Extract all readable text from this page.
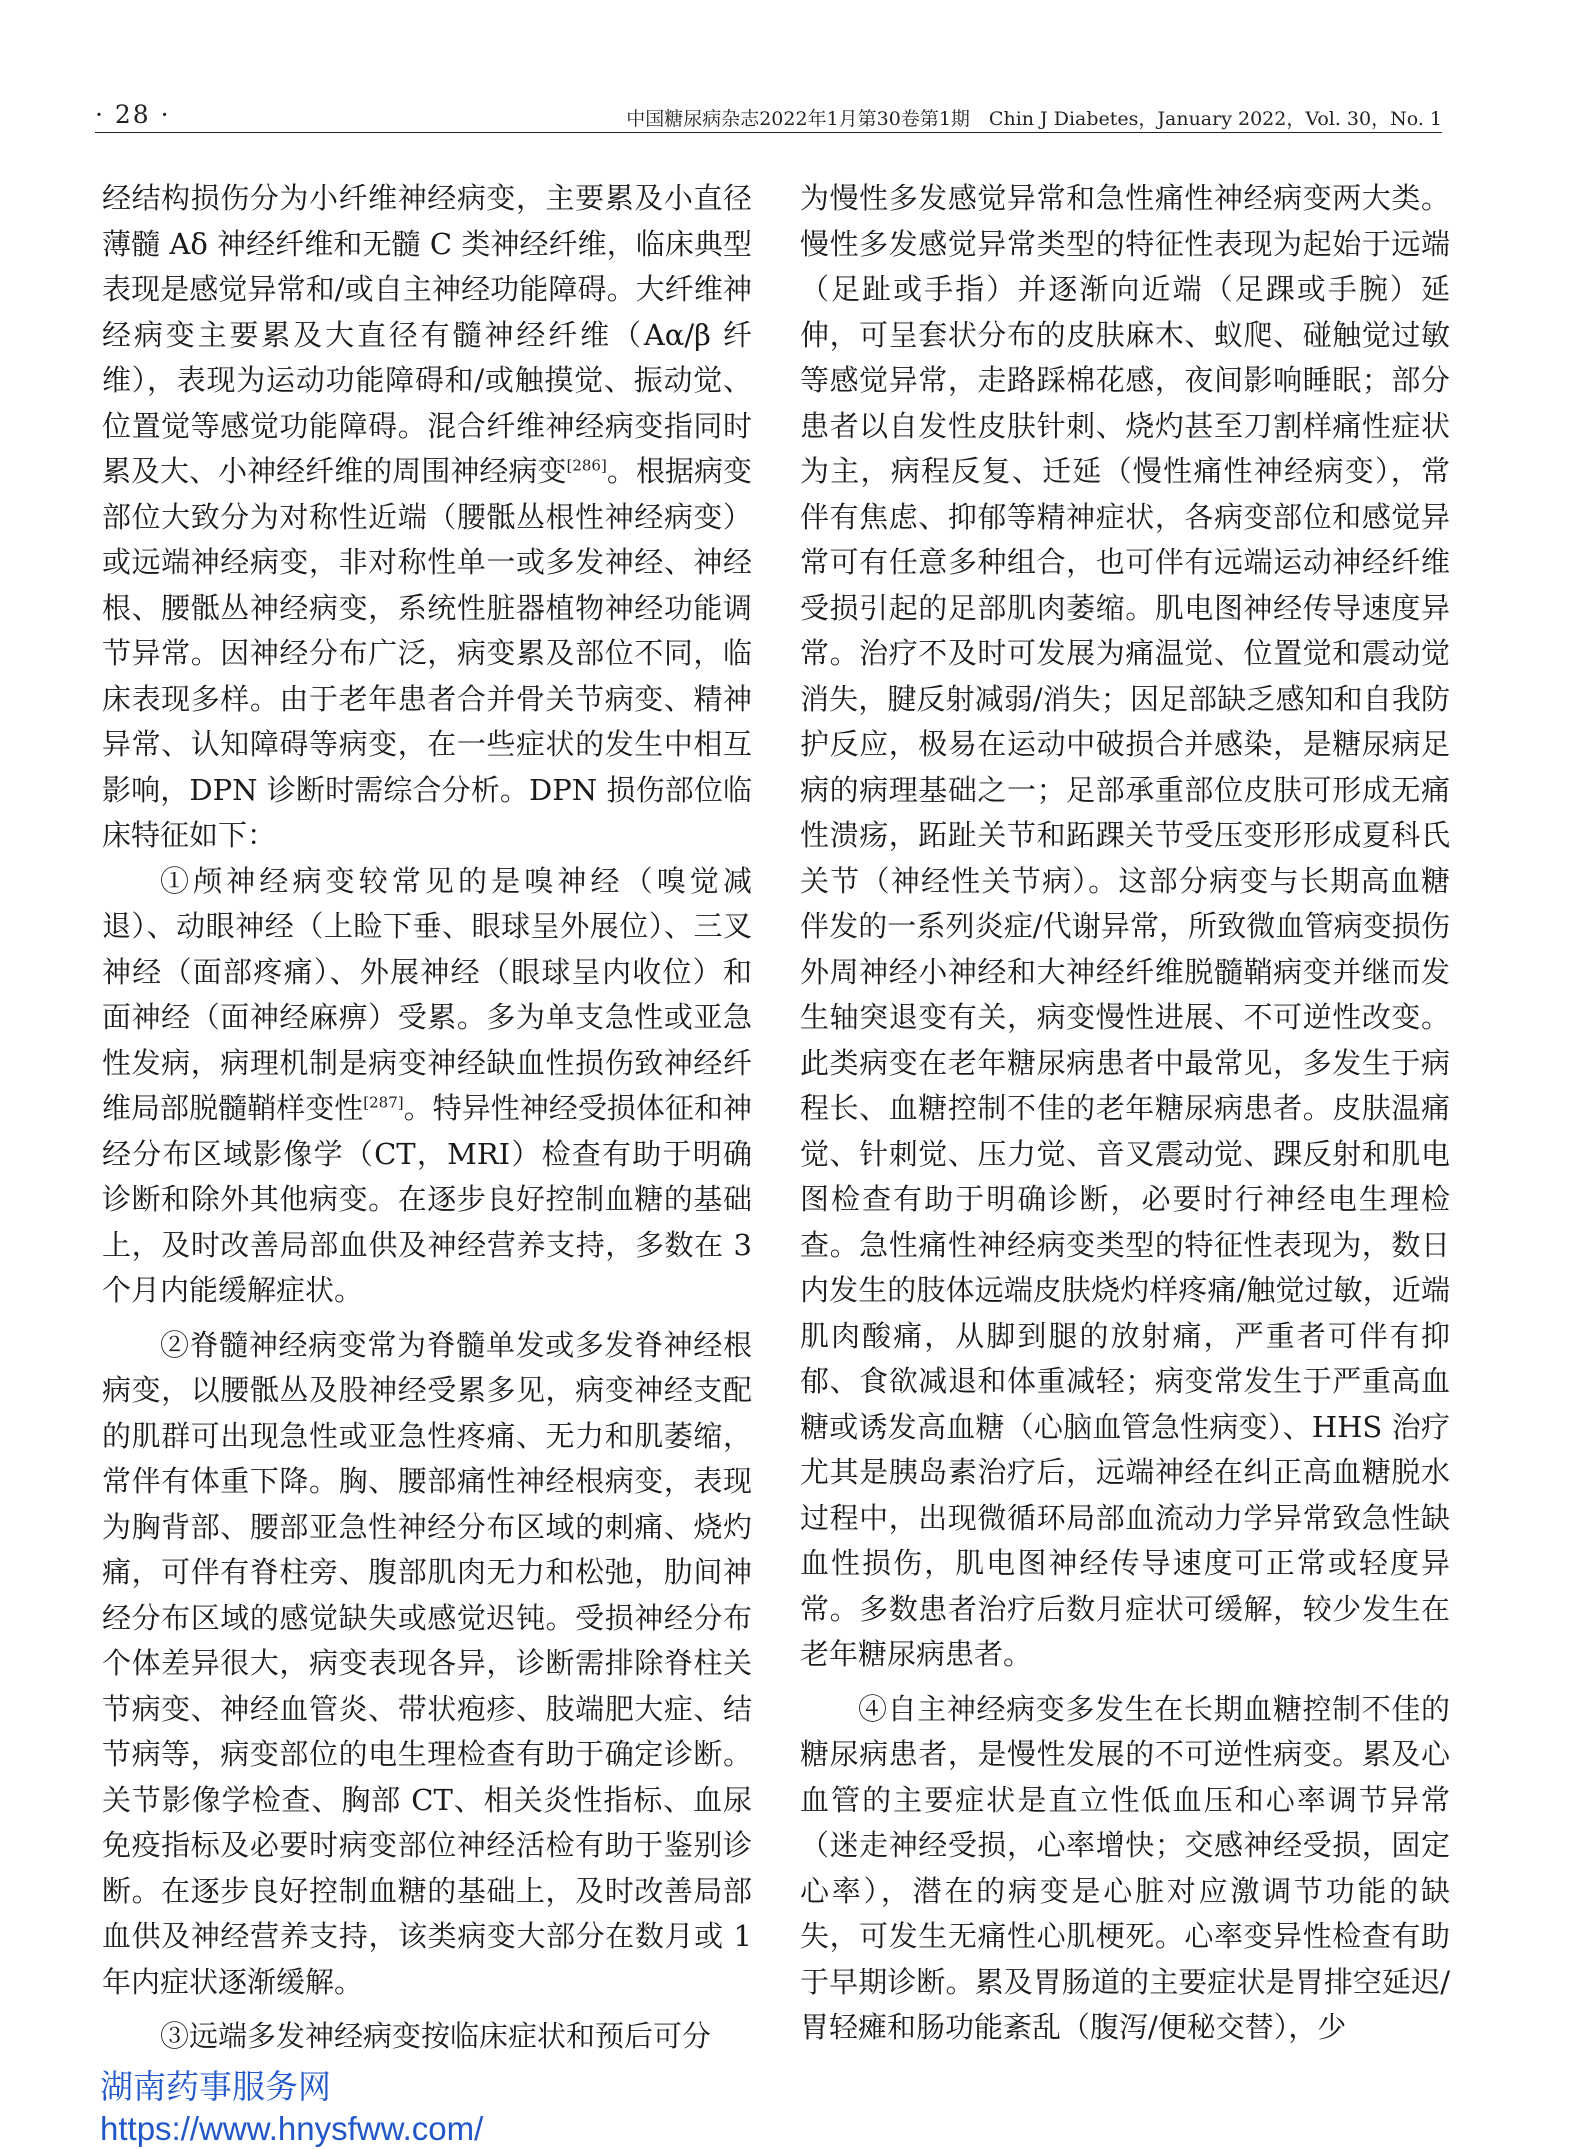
· 28 ·	中国糖尿病杂志2022年1月第30卷第1期　Chin J Diabetes，January 2022，Vol. 30，No. 1

经结构损伤分为小纤维神经病变，主要累及小直径薄髓 Aδ 神经纤维和无髓 C 类神经纤维，临床典型表现是感觉异常和/或自主神经功能障碍。大纤维神经病变主要累及大直径有髓神经纤维（Aα/β 纤维），表现为运动功能障碍和/或触摸觉、振动觉、位置觉等感觉功能障碍。混合纤维神经病变指同时累及大、小神经纤维的周围神经病变[286]。根据病变部位大致分为对称性近端（腰骶丛根性神经病变）或远端神经病变，非对称性单一或多发神经、神经根、腰骶丛神经病变，系统性脏器植物神经功能调节异常。因神经分布广泛，病变累及部位不同，临床表现多样。由于老年患者合并骨关节病变、精神异常、认知障碍等病变，在一些症状的发生中相互影响，DPN 诊断时需综合分析。DPN 损伤部位临床特征如下：

①颅神经病变较常见的是嗅神经（嗅觉减退）、动眼神经（上睑下垂、眼球呈外展位）、三叉神经（面部疼痛）、外展神经（眼球呈内收位）和面神经（面神经麻痹）受累。多为单支急性或亚急性发病，病理机制是病变神经缺血性损伤致神经纤维局部脱髓鞘样变性[287]。特异性神经受损体征和神经分布区域影像学（CT，MRI）检查有助于明确诊断和除外其他病变。在逐步良好控制血糖的基础上，及时改善局部血供及神经营养支持，多数在 3 个月内能缓解症状。

②脊髓神经病变常为脊髓单发或多发脊神经根病变，以腰骶丛及股神经受累多见，病变神经支配的肌群可出现急性或亚急性疼痛、无力和肌萎缩，常伴有体重下降。胸、腰部痛性神经根病变，表现为胸背部、腰部亚急性神经分布区域的刺痛、烧灼痛，可伴有脊柱旁、腹部肌肉无力和松弛，肋间神经分布区域的感觉缺失或感觉迟钝。受损神经分布个体差异很大，病变表现各异，诊断需排除脊柱关节病变、神经血管炎、带状疱疹、肢端肥大症、结节病等，病变部位的电生理检查有助于确定诊断。关节影像学检查、胸部 CT、相关炎性指标、血尿免疫指标及必要时病变部位神经活检有助于鉴别诊断。在逐步良好控制血糖的基础上，及时改善局部血供及神经营养支持，该类病变大部分在数月或 1 年内症状逐渐缓解。

③远端多发神经病变按临床症状和预后可分

为慢性多发感觉异常和急性痛性神经病变两大类。慢性多发感觉异常类型的特征性表现为起始于远端（足趾或手指）并逐渐向近端（足踝或手腕）延伸，可呈套状分布的皮肤麻木、蚁爬、碰触觉过敏等感觉异常，走路踩棉花感，夜间影响睡眠；部分患者以自发性皮肤针刺、烧灼甚至刀割样痛性症状为主，病程反复、迁延（慢性痛性神经病变），常伴有焦虑、抑郁等精神症状，各病变部位和感觉异常可有任意多种组合，也可伴有远端运动神经纤维受损引起的足部肌肉萎缩。肌电图神经传导速度异常。治疗不及时可发展为痛温觉、位置觉和震动觉消失，腱反射减弱/消失；因足部缺乏感知和自我防护反应，极易在运动中破损合并感染，是糖尿病足病的病理基础之一；足部承重部位皮肤可形成无痛性溃疡，跖趾关节和跖踝关节受压变形形成夏科氏关节（神经性关节病）。这部分病变与长期高血糖伴发的一系列炎症/代谢异常，所致微血管病变损伤外周神经小神经和大神经纤维脱髓鞘病变并继而发生轴突退变有关，病变慢性进展、不可逆性改变。此类病变在老年糖尿病患者中最常见，多发生于病程长、血糖控制不佳的老年糖尿病患者。皮肤温痛觉、针刺觉、压力觉、音叉震动觉、踝反射和肌电图检查有助于明确诊断，必要时行神经电生理检查。急性痛性神经病变类型的特征性表现为，数日内发生的肢体远端皮肤烧灼样疼痛/触觉过敏，近端肌肉酸痛，从脚到腿的放射痛，严重者可伴有抑郁、食欲减退和体重减轻；病变常发生于严重高血糖或诱发高血糖（心脑血管急性病变）、HHS 治疗尤其是胰岛素治疗后，远端神经在纠正高血糖脱水过程中，出现微循环局部血流动力学异常致急性缺血性损伤，肌电图神经传导速度可正常或轻度异常。多数患者治疗后数月症状可缓解，较少发生在老年糖尿病患者。

④自主神经病变多发生在长期血糖控制不佳的糖尿病患者，是慢性发展的不可逆性病变。累及心血管的主要症状是直立性低血压和心率调节异常（迷走神经受损，心率增快；交感神经受损，固定心率），潜在的病变是心脏对应激调节功能的缺失，可发生无痛性心肌梗死。心率变异性检查有助于早期诊断。累及胃肠道的主要症状是胃排空延迟/胃轻瘫和肠功能紊乱（腹泻/便秘交替），少

湖南药事服务网
https://www.hnysfww.com/
